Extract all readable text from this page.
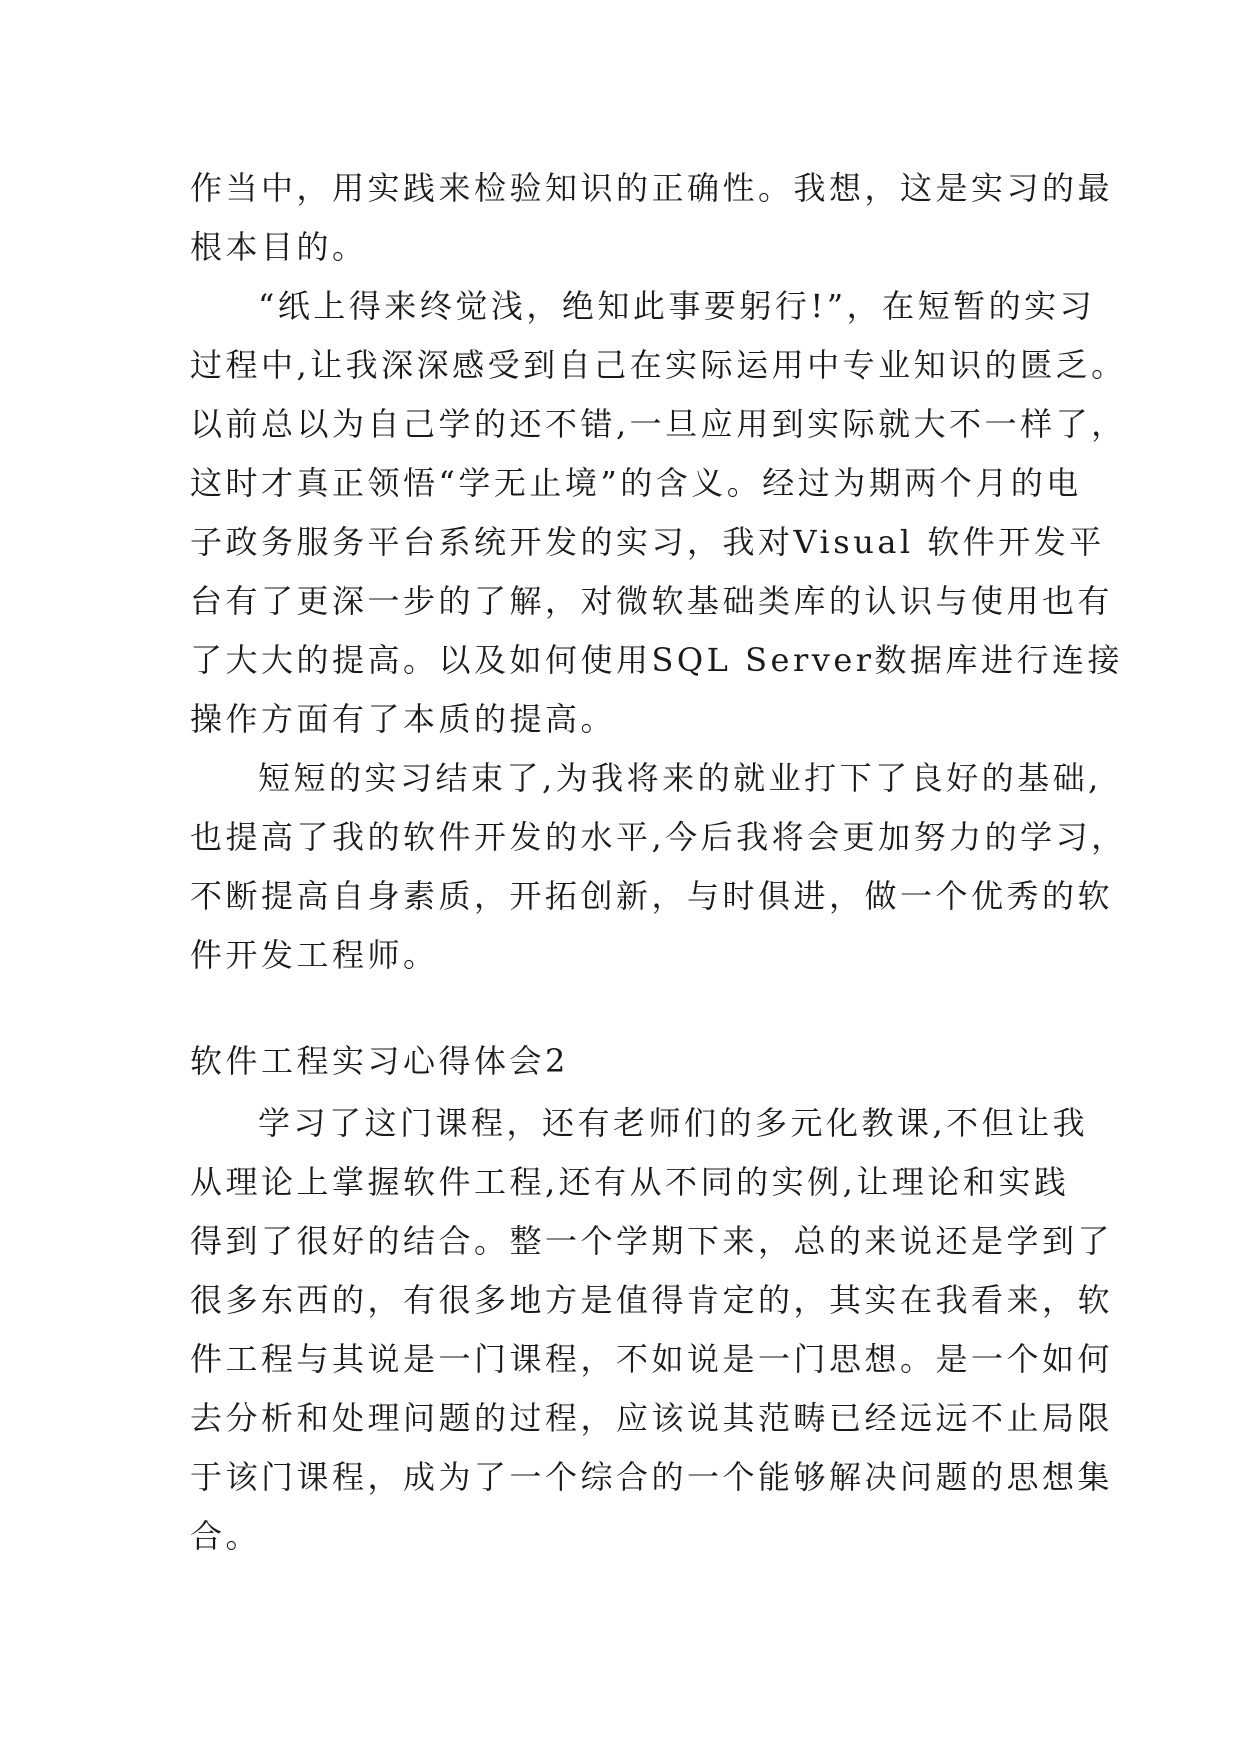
作当中，用实践来检验知识的正确性。我想，这是实习的最
根本目的。
“纸上得来终觉浅，绝知此事要躬行!”，在短暂的实习
过程中,让我深深感受到自己在实际运用中专业知识的匮乏。
以前总以为自己学的还不错,一旦应用到实际就大不一样了，
这时才真正领悟“学无止境”的含义。经过为期两个月的电
子政务服务平台系统开发的实习，我对Visual 软件开发平
台有了更深一步的了解，对微软基础类库的认识与使用也有
了大大的提高。以及如何使用SQL Server数据库进行连接
操作方面有了本质的提高。
短短的实习结束了,为我将来的就业打下了良好的基础,
也提高了我的软件开发的水平,今后我将会更加努力的学习，
不断提高自身素质，开拓创新，与时俱进，做一个优秀的软
件开发工程师。
软件工程实习心得体会2
学习了这门课程，还有老师们的多元化教课,不但让我
从理论上掌握软件工程,还有从不同的实例,让理论和实践
得到了很好的结合。整一个学期下来，总的来说还是学到了
很多东西的，有很多地方是值得肯定的，其实在我看来，软
件工程与其说是一门课程，不如说是一门思想。是一个如何
去分析和处理问题的过程，应该说其范畴已经远远不止局限
于该门课程，成为了一个综合的一个能够解决问题的思想集
合。
